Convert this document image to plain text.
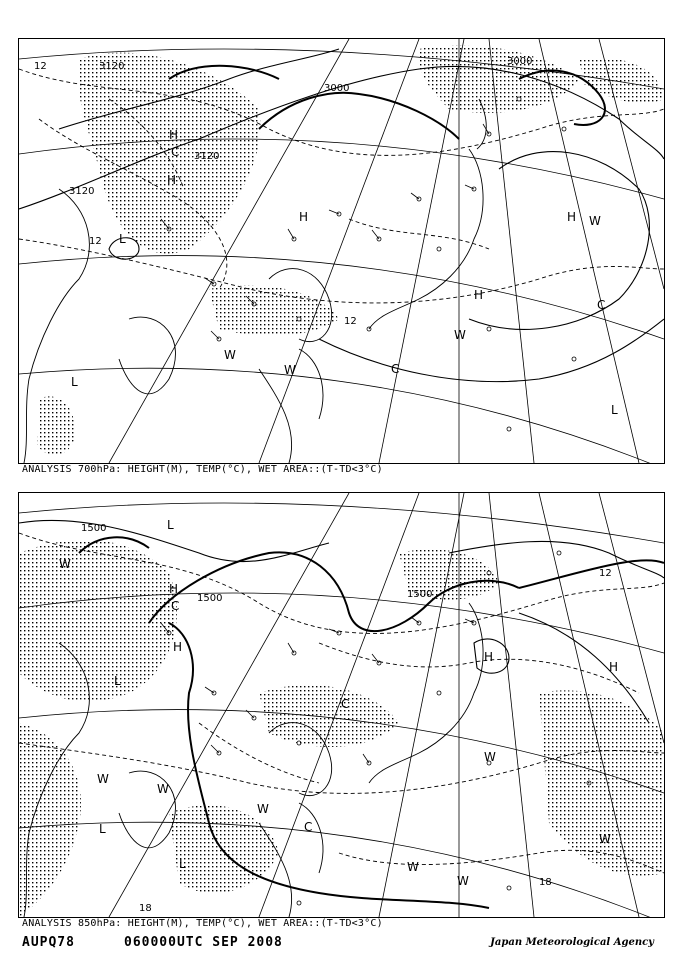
3120
3120
3120
3000
3000
12
12
12
H
H	H
H
H
L
L
L
C
C
C
W
W
W
W
ANALYSIS 700hPa: HEIGHT(M), TEMP(°C), WET AREA::(T-TD<3°C)
1500
1500	1500
12
18
18
H
H
H
H
L
L
L
L
C
C
C
W
W
W
W
W
W
W
W
ANALYSIS 850hPa: HEIGHT(M), TEMP(°C), WET AREA::(T-TD<3°C)
AUPQ78	060000UTC SEP 2008	Japan Meteorological Agency
